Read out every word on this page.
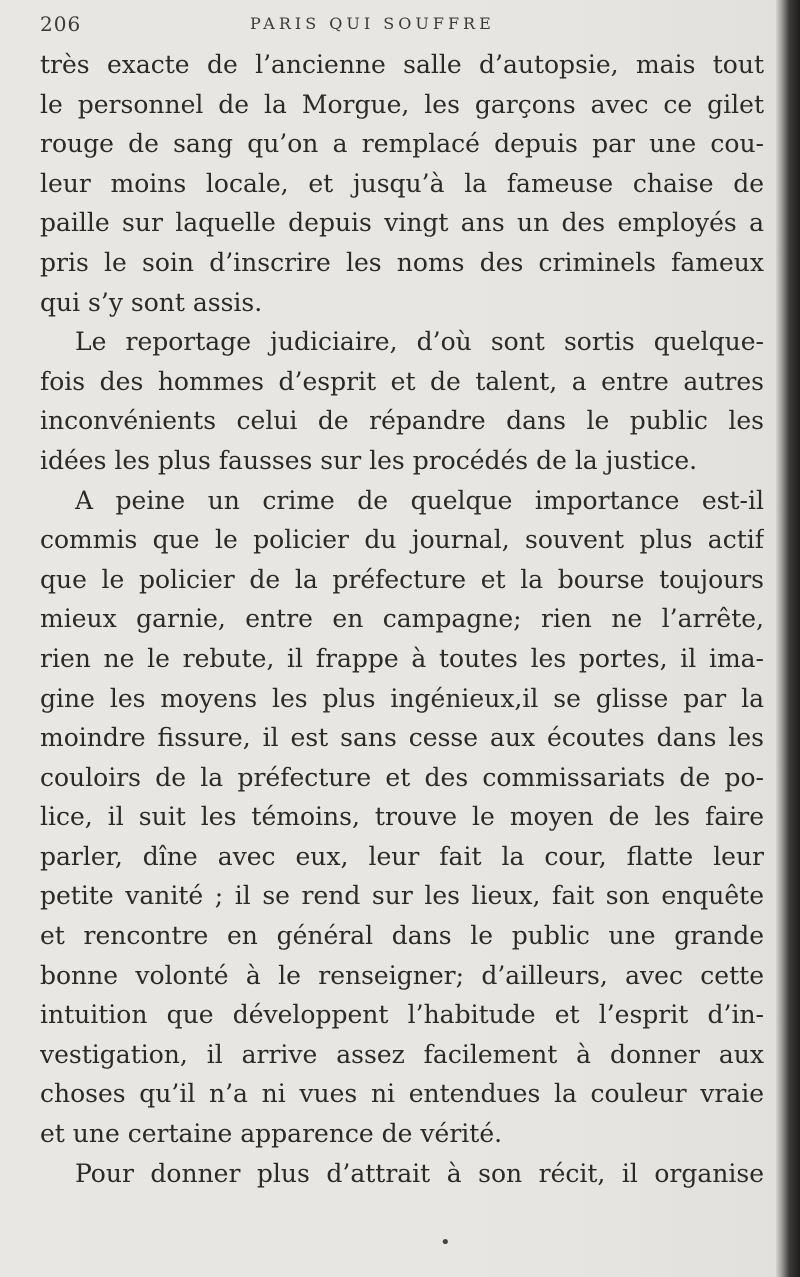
206	PARIS QUI SOUFFRE
très exacte de l’ancienne salle d’autopsie, mais tout
le personnel de la Morgue, les garçons avec ce gilet
rouge de sang qu’on a remplacé depuis par une cou-
leur moins locale, et jusqu’à la fameuse chaise de
paille sur laquelle depuis vingt ans un des employés a
pris le soin d’inscrire les noms des criminels fameux
qui s’y sont assis.
Le reportage judiciaire, d’où sont sortis quelque-
fois des hommes d’esprit et de talent, a entre autres
inconvénients celui de répandre dans le public les
idées les plus fausses sur les procédés de la justice.
A peine un crime de quelque importance est-il
commis que le policier du journal, souvent plus actif
que le policier de la préfecture et la bourse toujours
mieux garnie, entre en campagne; rien ne l’arrête,
rien ne le rebute, il frappe à toutes les portes, il ima-
gine les moyens les plus ingénieux,il se glisse par la
moindre fissure, il est sans cesse aux écoutes dans les
couloirs de la préfecture et des commissariats de po-
lice, il suit les témoins, trouve le moyen de les faire
parler, dîne avec eux, leur fait la cour, flatte leur
petite vanité ; il se rend sur les lieux, fait son enquête
et rencontre en général dans le public une grande
bonne volonté à le renseigner; d’ailleurs, avec cette
intuition que développent l’habitude et l’esprit d’in-
vestigation, il arrive assez facilement à donner aux
choses qu’il n’a ni vues ni entendues la couleur vraie
et une certaine apparence de vérité.
Pour donner plus d’attrait à son récit, il organise
•
